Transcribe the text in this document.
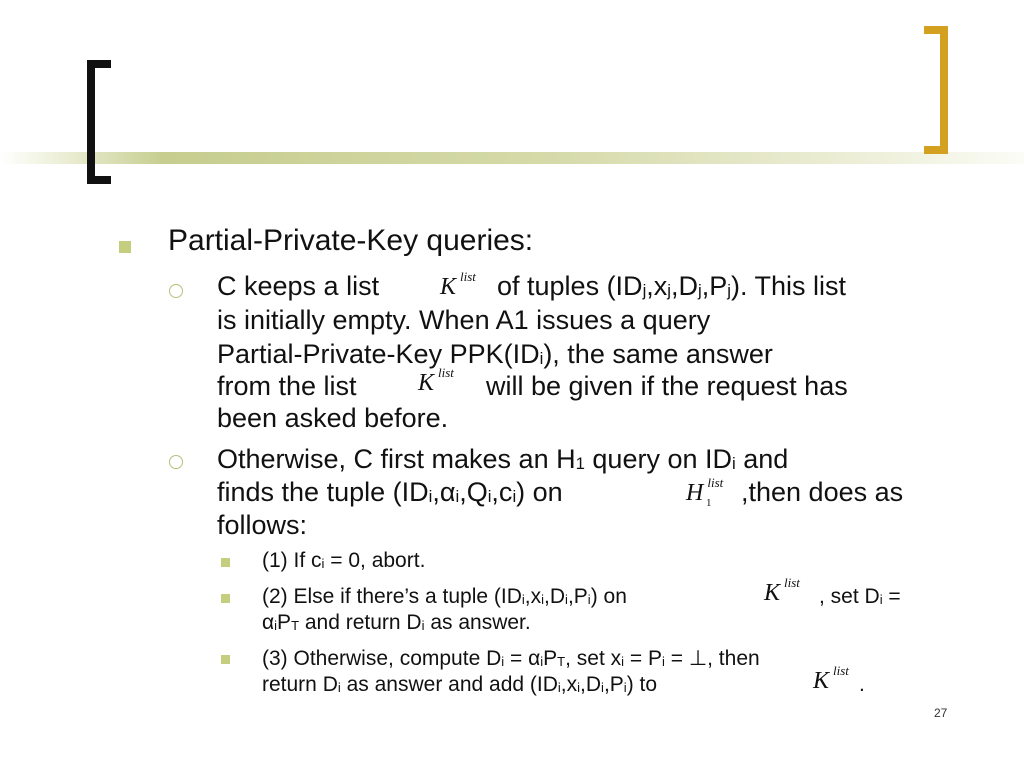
Partial-Private-Key queries:
C keeps a list	K $^{list}$ of tuples $(ID_j,x_j,D_j,P_j)$. This list
is initially empty. When A1 issues a query
Partial-Private-Key $PPK(ID_i)$, the same answer
from the list	K $^{list}$ will be given if the request has
been asked before.
Otherwise, C first makes an $H_1$ query on $ID_i$ and
finds the tuple $(ID_i,\alpha_i,Q_i,c_i)$ on	H $^{list}$
1 ,then does as
follows:
(1) If $c_i = 0$, abort.
(2) Else if there’s a tuple $(ID_i,x_i,D_i,P_i)$ on	K $^{list}$
, set $D_i$ =
$\alpha_iP_T$ and return $D_i$ as answer.
(3) Otherwise, compute $D_i = \alpha_iP_T$, set $x_i = P_i$ = ⊥, then
return $D_i$ as answer and add $(ID_i,x_i,D_i,P_i)$ to	K $^{list}$
.
27
